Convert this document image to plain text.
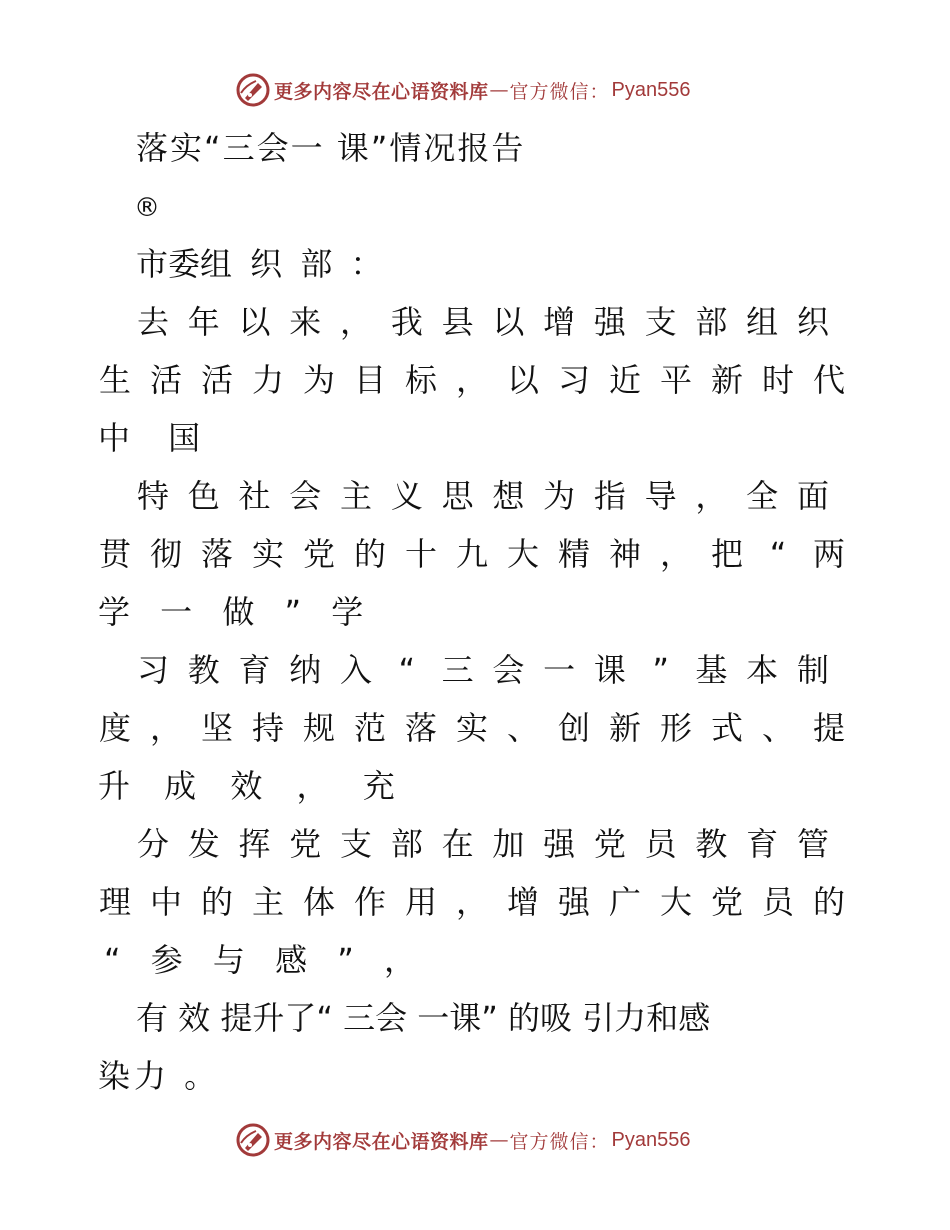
更多内容尽在心语资料库 — 官方微信： Pyan556
落实“三会一 课”情况报告
®
市委组 织 部 ：
去 年 以 来 ， 我 县 以 增 强 支 部 组 织
生 活 活 力 为 目 标 ， 以 习 近 平 新 时 代
中 国
特 色 社 会 主 义 思 想 为 指 导 ， 全 面
贯 彻 落 实 党 的 十 九 大 精 神 ， 把 “ 两
学 一 做 ” 学
习 教 育 纳 入 “ 三 会 一 课 ” 基 本 制
度 ， 坚 持 规 范 落 实 、 创 新 形 式 、 提
升 成 效 ， 充
分 发 挥 党 支 部 在 加 强 党 员 教 育 管
理 中 的 主 体 作 用 ， 增 强 广 大 党 员 的
“ 参 与 感 ” ，
有 效 提升了“ 三会 一课” 的吸 引力和感
染力 。
更多内容尽在心语资料库 — 官方微信： Pyan556
